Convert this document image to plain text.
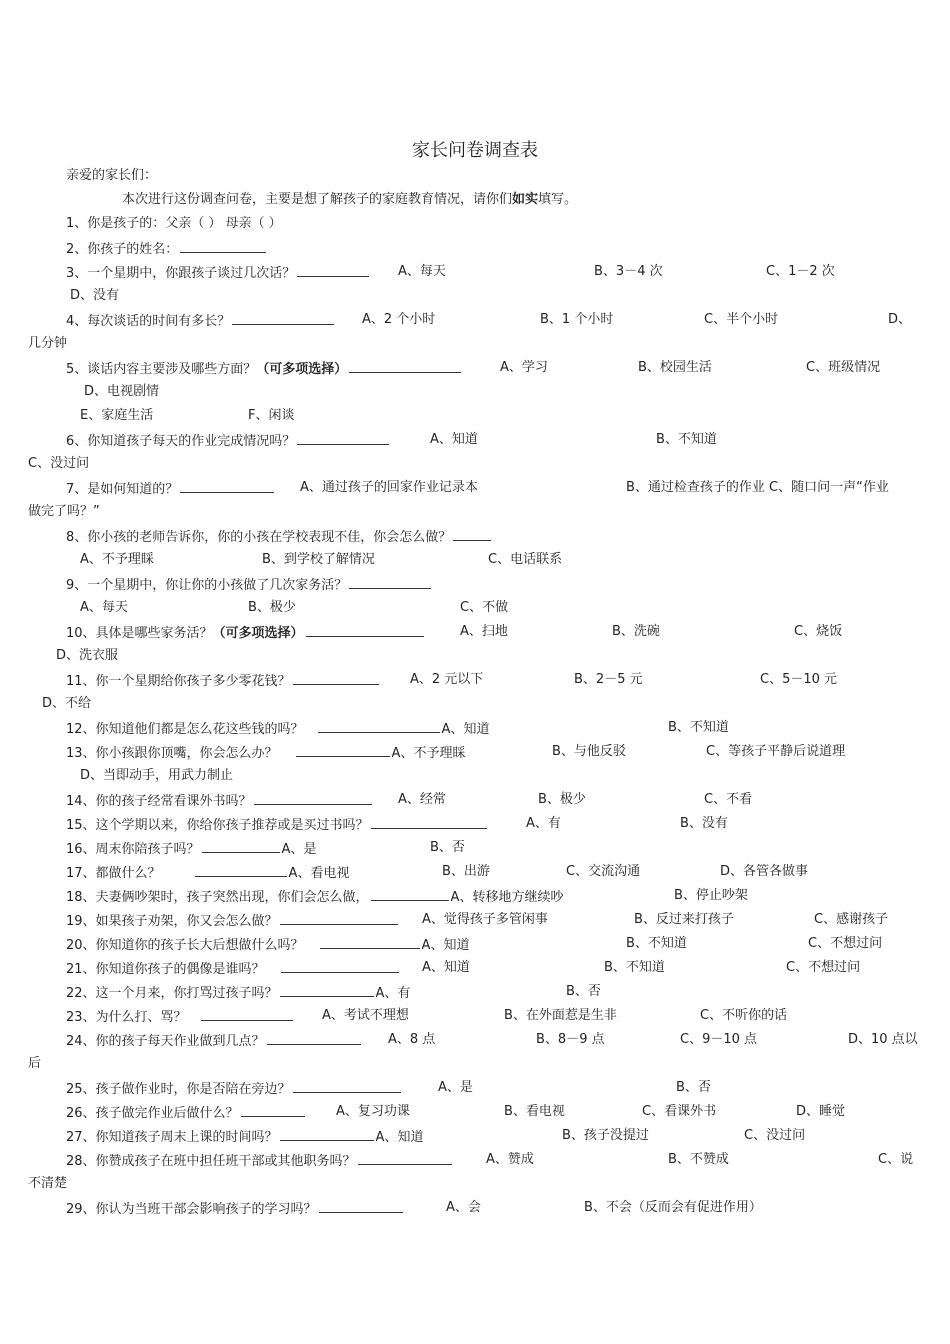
家长问卷调查表
亲爱的家长们：
本次进行这份调查问卷，主要是想了解孩子的家庭教育情况，请你们如实填写。
1、你是孩子的：父亲（ ） 母亲（ ）
2、你孩子的姓名：
3、一个星期中，你跟孩子谈过几次话？	A、每天	B、3－4 次	C、1－2 次
D、没有
4、每次谈话的时间有多长？	A、2 个小时	B、1 个小时	C、半个小时	D、
几分钟
5、谈话内容主要涉及哪些方面？（可多项选择）	A、学习	B、校园生活	C、班级情况
D、电视剧情
E、家庭生活	F、闲谈
6、你知道孩子每天的作业完成情况吗？	A、知道	B、不知道
C、没过问
7、是如何知道的？	A、通过孩子的回家作业记录本	B、通过检查孩子的作业 C、随口问一声“作业
做完了吗？”
8、你小孩的老师告诉你，你的小孩在学校表现不佳，你会怎么做？
A、不予理睬	B、到学校了解情况	C、电话联系
9、一个星期中，你让你的小孩做了几次家务活？
A、每天	B、极少	C、不做
10、具体是哪些家务活？（可多项选择）	A、扫地	B、洗碗	C、烧饭
D、洗衣服
11、你一个星期给你孩子多少零花钱？	A、2 元以下	B、2－5 元	C、5－10 元
D、不给
12、你知道他们都是怎么花这些钱的吗？	A、知道	B、不知道
13、你小孩跟你顶嘴，你会怎么办？	A、不予理睬	B、与他反驳	C、等孩子平静后说道理
D、当即动手，用武力制止
14、你的孩子经常看课外书吗？	A、经常	B、极少	C、不看
15、这个学期以来，你给你孩子推荐或是买过书吗？	A、有	B、没有
16、周末你陪孩子吗？	A、是	B、否
17、都做什么？	A、看电视	B、出游	C、交流沟通	D、各管各做事
18、夫妻俩吵架时，孩子突然出现，你们会怎么做，	A、转移地方继续吵	B、停止吵架
19、如果孩子劝架，你又会怎么做？	A、觉得孩子多管闲事	B、反过来打孩子	C、感谢孩子
20、你知道你的孩子长大后想做什么吗？	A、知道	B、不知道	C、不想过问
21、你知道你孩子的偶像是谁吗？	A、知道	B、不知道	C、不想过问
22、这一个月来，你打骂过孩子吗？	A、有	B、否
23、为什么打、骂？	A、考试不理想	B、在外面惹是生非	C、不听你的话
24、你的孩子每天作业做到几点？	A、8 点	B、8－9 点	C、9－10 点	D、10 点以
后
25、孩子做作业时，你是否陪在旁边？	A、是	B、否
26、孩子做完作业后做什么？	A、复习功课	B、看电视	C、看课外书	D、睡觉
27、你知道孩子周末上课的时间吗？	A、知道	B、孩子没提过	C、没过问
28、你赞成孩子在班中担任班干部或其他职务吗？	A、赞成	B、不赞成	C、说
不清楚
29、你认为当班干部会影响孩子的学习吗？	A、会	B、不会（反而会有促进作用）
